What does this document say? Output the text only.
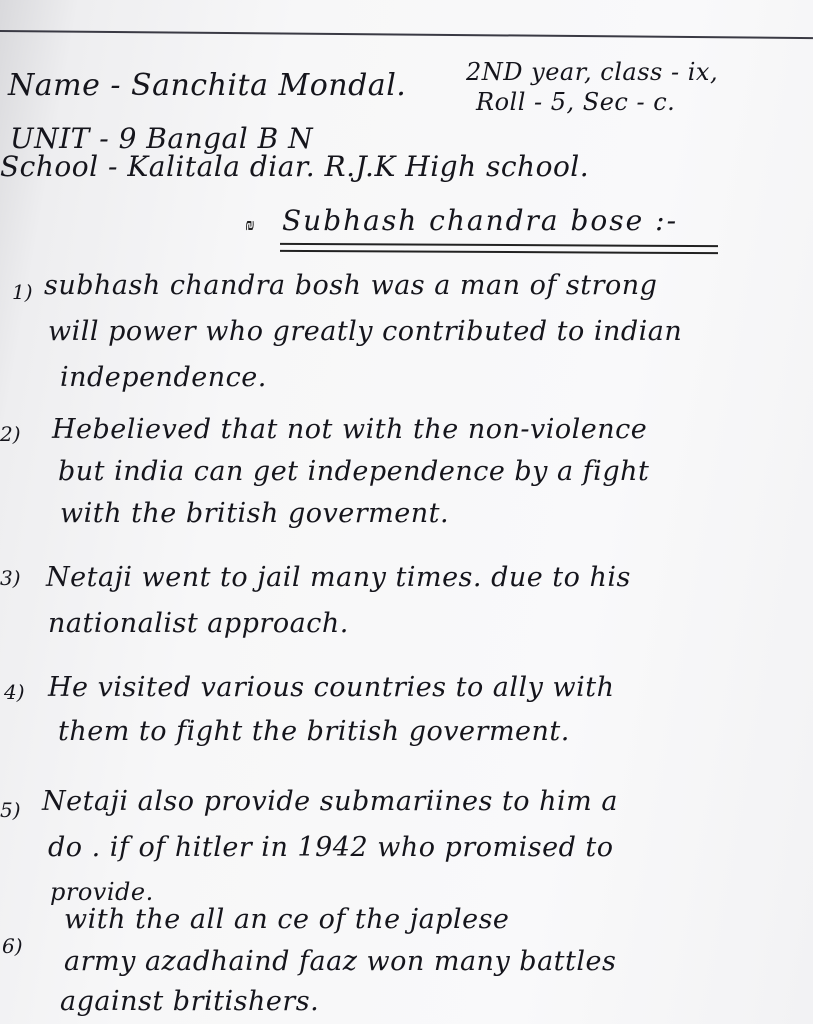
Name - Sanchita Mondal. 2ND year, class - ix,
Roll - 5, Sec - c.
UNIT - 9 Bangal B N
School - Kalitala diar. R.J.K High school.
₪ Subhash chandra bose :-
1) subhash chandra bosh was a man of strong
will power who greatly contributed to indian
independence.
2) Hebelieved that not with the non-violence
but india can get independence by a fight
with the british goverment.
3) Netaji went to jail many times. due to his
nationalist approach.
4) He visited various countries to ally with
them to fight the british goverment.
5) Netaji also provide submariines to him a
do . if of hitler in 1942 who promised to
provide.
6)
with the all an ce of the japlese
army azadhaind faaz won many battles
against britishers.
